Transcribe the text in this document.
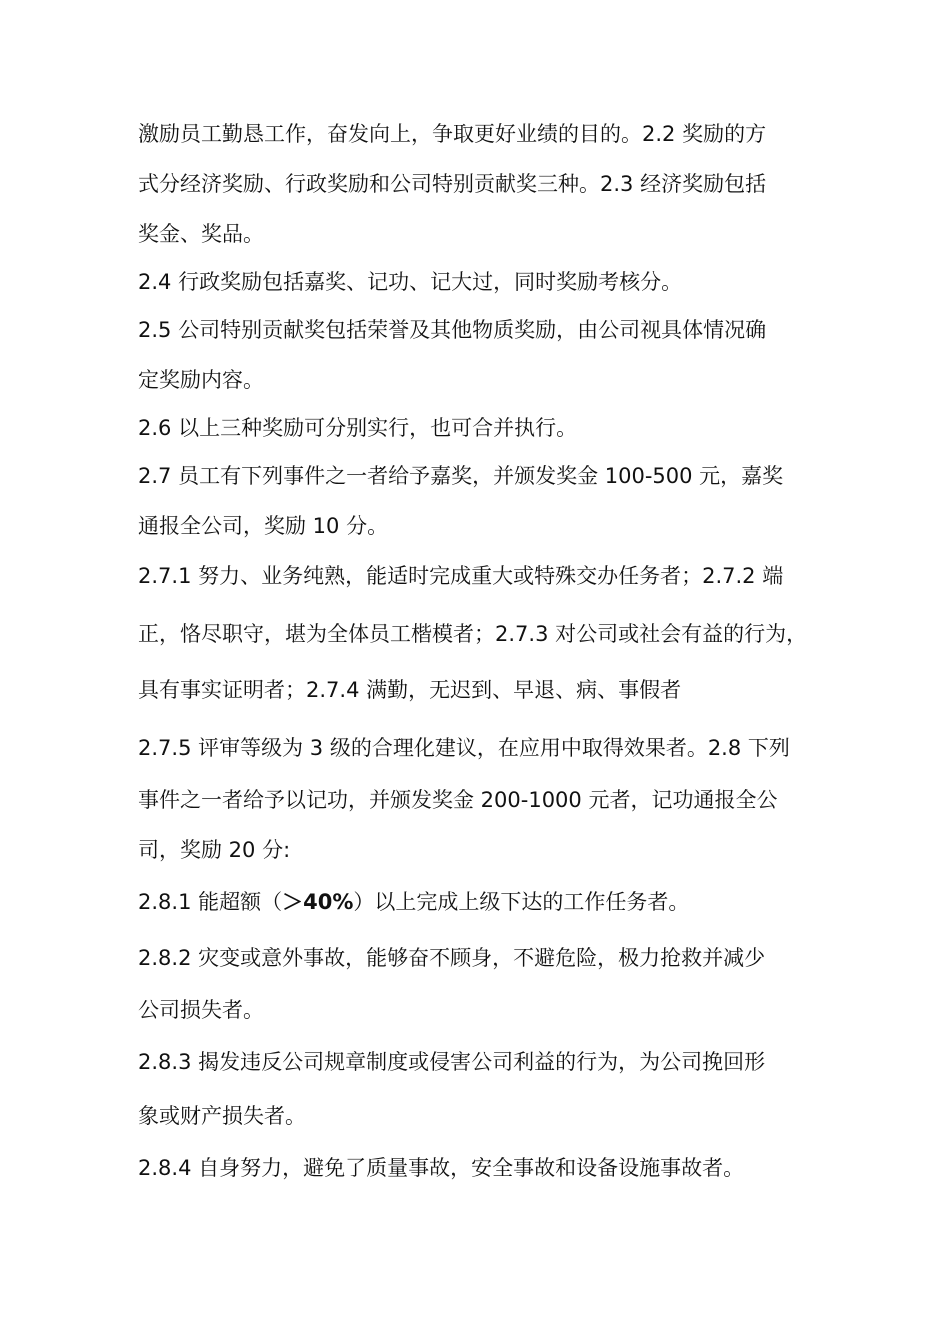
激励员工勤恳工作，奋发向上，争取更好业绩的目的。2.2 奖励的方

式分经济奖励、行政奖励和公司特别贡献奖三种。2.3 经济奖励包括

奖金、奖品。

2.4 行政奖励包括嘉奖、记功、记大过，同时奖励考核分。

2.5 公司特别贡献奖包括荣誉及其他物质奖励，由公司视具体情况确

定奖励内容。

2.6 以上三种奖励可分别实行，也可合并执行。

2.7 员工有下列事件之一者给予嘉奖，并颁发奖金 100-500 元，嘉奖

通报全公司，奖励 10 分。

2.7.1 努力、业务纯熟，能适时完成重大或特殊交办任务者；2.7.2 端

正，恪尽职守，堪为全体员工楷模者；2.7.3 对公司或社会有益的行为，

具有事实证明者；2.7.4 满勤，无迟到、早退、病、事假者

2.7.5 评审等级为 3 级的合理化建议，在应用中取得效果者。2.8 下列

事件之一者给予以记功，并颁发奖金 200-1000 元者，记功通报全公

司，奖励 20 分:

2.8.1 能超额（＞40%）以上完成上级下达的工作任务者。

2.8.2 灾变或意外事故，能够奋不顾身，不避危险，极力抢救并减少

公司损失者。

2.8.3 揭发违反公司规章制度或侵害公司利益的行为，为公司挽回形

象或财产损失者。

2.8.4 自身努力，避免了质量事故，安全事故和设备设施事故者。
